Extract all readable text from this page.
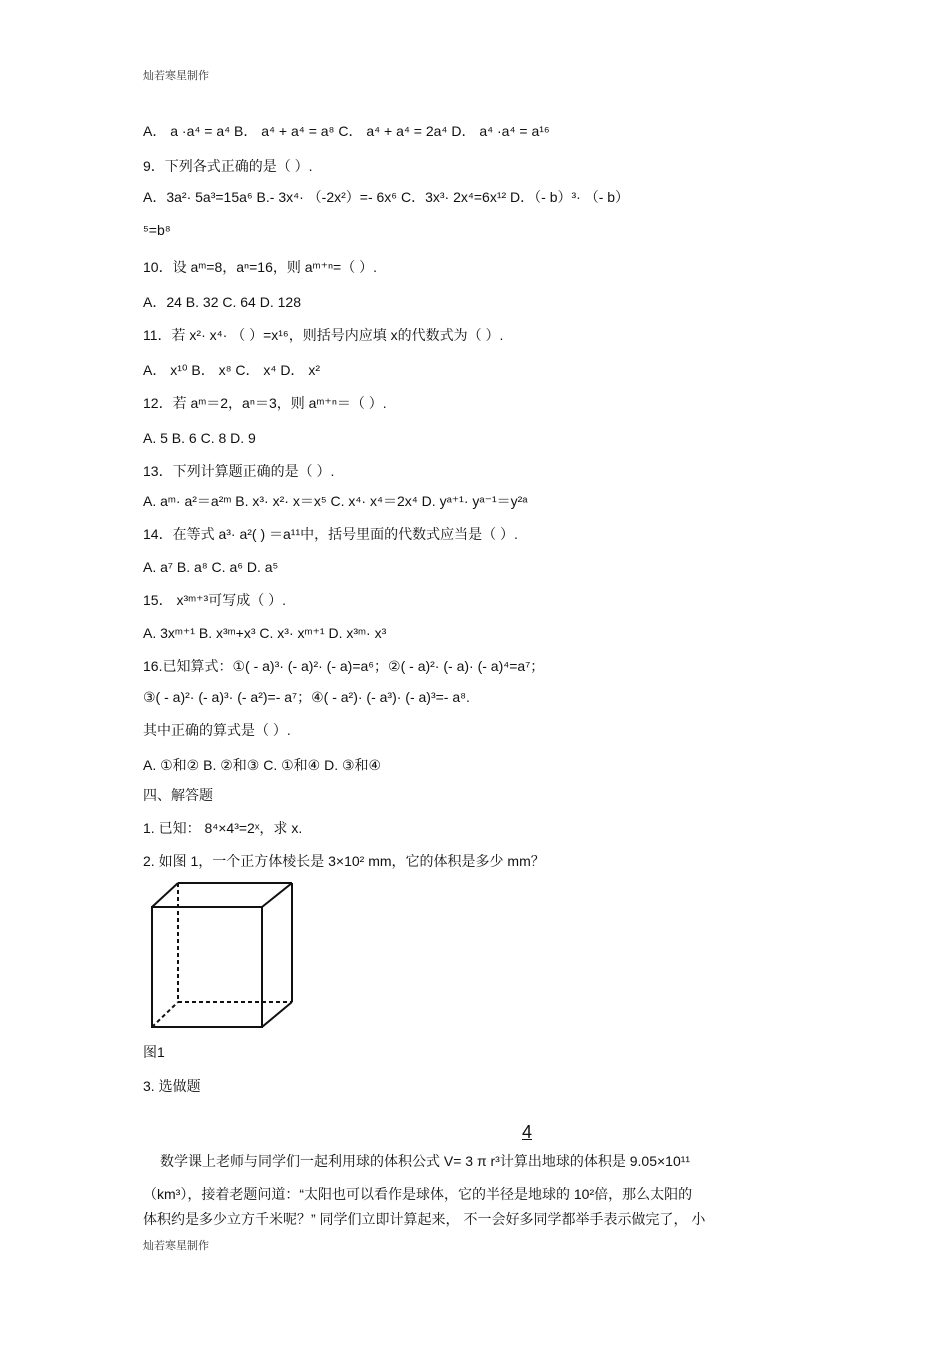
灿若寒星制作
A． a ·a⁴ = a⁴ B． a⁴ + a⁴ = a⁸ C． a⁴ + a⁴ = 2a⁴ D． a⁴ ·a⁴ = a¹⁶
9．下列各式正确的是（ ）.
A．3a²· 5a³=15a⁶ B.- 3x⁴· （-2x²）=- 6x⁶ C．3x³· 2x⁴=6x¹² D．（- b）³· （- b）
⁵=b⁸
10．设 aᵐ=8，aⁿ=16，则 aᵐ⁺ⁿ=（ ）.
A．24 B. 32 C. 64 D. 128
11．若 x²· x⁴· （ ）=x¹⁶，则括号内应填 x的代数式为（ ）.
A． x¹⁰ B． x⁸ C． x⁴ D． x²
12．若 aᵐ＝2，aⁿ＝3，则 aᵐ⁺ⁿ＝（ ）.
A. 5 B. 6 C. 8 D. 9
13．下列计算题正确的是（ ）.
A. aᵐ· a²＝a²ᵐ B. x³· x²· x＝x⁵ C. x⁴· x⁴＝2x⁴ D. yᵃ⁺¹· yᵃ⁻¹＝y²ᵃ
14．在等式 a³· a²( ) ＝a¹¹中，括号里面的代数式应当是（ ）.
A. a⁷ B. a⁸ C. a⁶ D. a⁵
15． x³ᵐ⁺³可写成（ ）.
A. 3xᵐ⁺¹ B. x³ᵐ+x³ C. x³· xᵐ⁺¹ D. x³ᵐ· x³
16.已知算式：①( - a)³· (- a)²· (- a)=a⁶；②( - a)²· (- a)· (- a)⁴=a⁷；
③( - a)²· (- a)³· (- a²)=- a⁷；④( - a²)· (- a³)· (- a)³=- a⁸.
其中正确的算式是（ ）.
A. ①和② B. ②和③ C. ①和④ D. ③和④
四、解答题
1. 已知： 8⁴×4³=2ˣ，求 x.
2. 如图 1，一个正方体棱长是 3×10² mm，它的体积是多少 mm？
图1
3. 选做题
4
数学课上老师与同学们一起利用球的体积公式 V= 3 π r³计算出地球的体积是 9.05×10¹¹
（km³），接着老题问道：“太阳也可以看作是球体，它的半径是地球的 10²倍，那么太阳的
体积约是多少立方千米呢？” 同学们立即计算起来， 不一会好多同学都举手表示做完了， 小
灿若寒星制作
